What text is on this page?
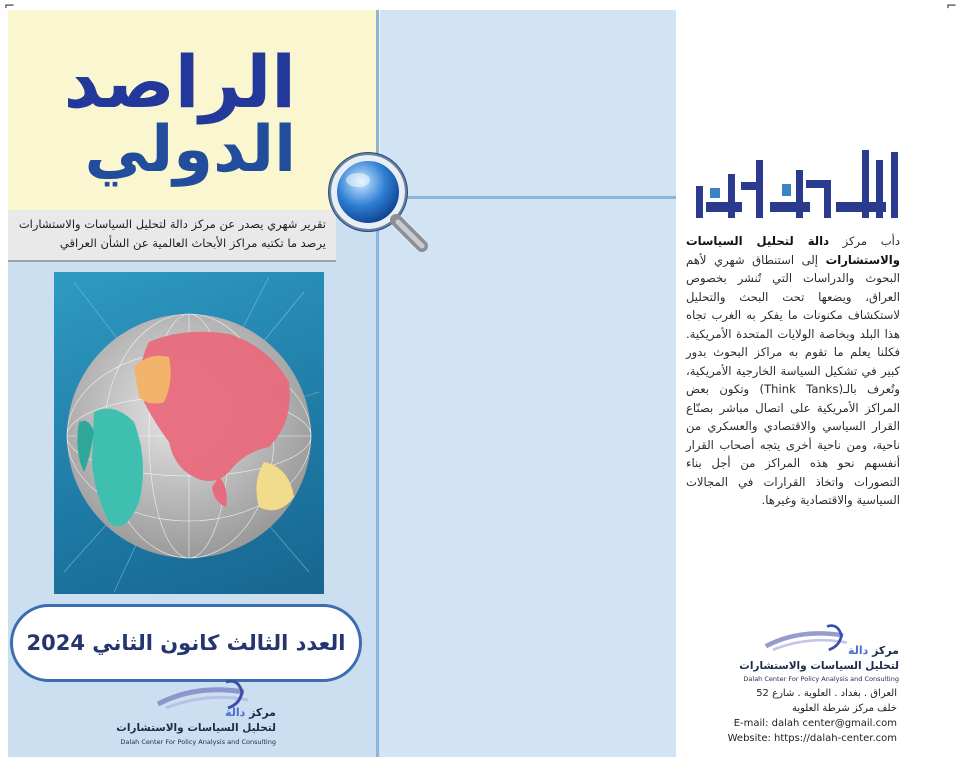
الراصد
الدولي
تقرير شهري يصدر عن مركز دالة لتحليل السياسات والاستشارات
يرصد ما تكتبه مراكز الأبحاث العالمية عن الشأن العراقي
العدد الثالث كانون الثاني 2024
مركز دالة
لتحليل السياسات والاستشارات
Dalah Center For Policy Analysis and Consulting
⌐
دأب مركز دالة لتحليل السياسات والاستشارات إلى استنطاق شهري لأهم البحوث والدراسات التي تُنشر بخصوص العراق، ويضعها تحت البحث والتحليل لاستكشاف مكنونات ما يفكر به الغرب تجاه هذا البلد وبخاصة الولايات المتحدة الأمريكية. فكلنا يعلم ما تقوم به مراكز البحوث بدور كبير في تشكيل السياسة الخارجية الأمريكية، وتُعرف بالـ(Think Tanks) وتكون بعض المراكز الأمريكية على اتصال مباشر بصنّاع القرار السياسي والاقتصادي والعسكري من ناحية، ومن ناحية أخرى يتجه أصحاب القرار أنفسهم نحو هذه المراكز من أجل بناء التصورات واتخاذ القرارات في المجالات السياسية والاقتصادية وغيرها.
مركز دالة
لتحليل السياسات والاستشارات
Dalah Center For Policy Analysis and Consulting
العراق . بغداد . العلوية . شارع 52
خلف مركز شرطة العلوية
E-mail: dalah center@gmail.com
Website: https://dalah-center.com
⌐
